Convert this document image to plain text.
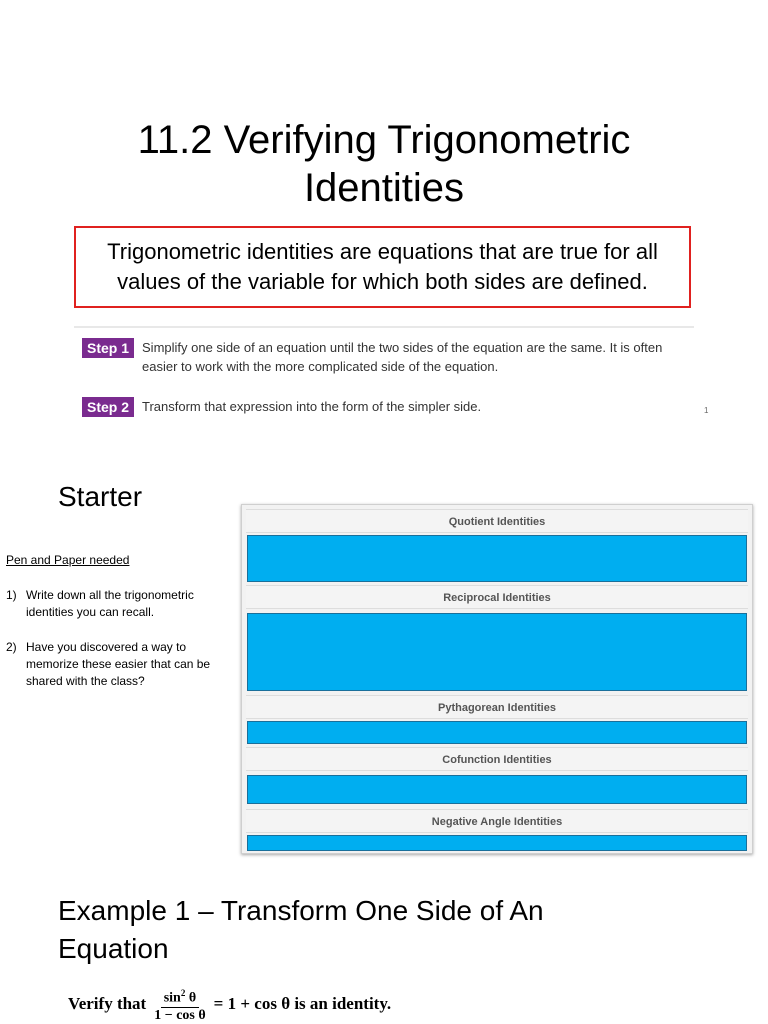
11.2 Verifying Trigonometric Identities
Trigonometric identities are equations that are true for all values of the variable for which both sides are defined.
Step 1	Simplify one side of an equation until the two sides of the equation are the same. It is often easier to work with the more complicated side of the equation.
Step 2	Transform that expression into the form of the simpler side.	1
Starter
Pen and Paper needed
1) Write down all the trigonometric identities you can recall.
2) Have you discovered a way to memorize these easier that can be shared with the class?
Quotient Identities
Reciprocal Identities
Pythagorean Identities
Cofunction Identities
Negative Angle Identities
Example 1 – Transform One Side of An Equation
Verify that $\frac{\sin^2 \theta}{\text{1 − cos θ}} = 1 + \cos \theta$ is an identity.
